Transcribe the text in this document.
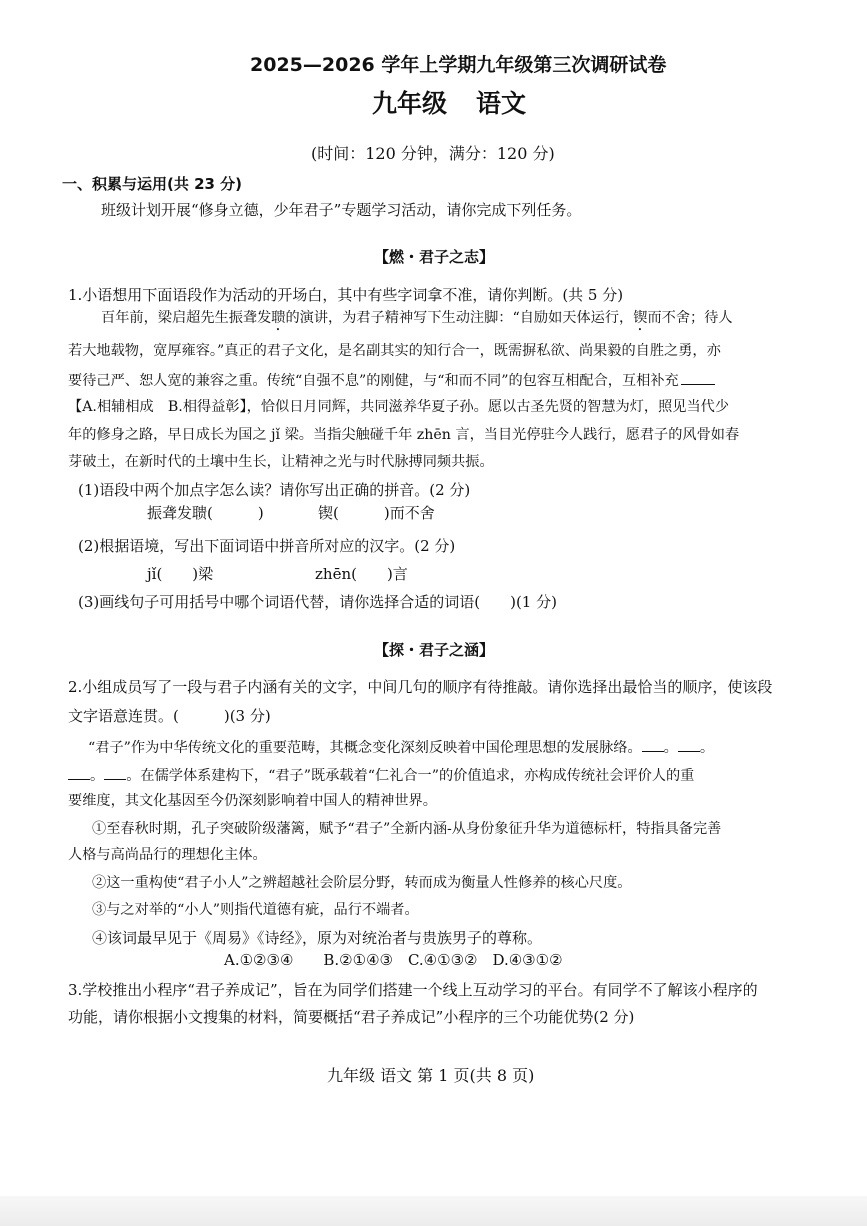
2025—2026 学年上学期九年级第三次调研试卷
九年级 语文
(时间：120 分钟，满分：120 分)
一、积累与运用(共 23 分)
班级计划开展“修身立德，少年君子”专题学习活动，请你完成下列任务。
【燃・君子之志】
1.小语想用下面语段作为活动的开场白，其中有些字词拿不准，请你判断。(共 5 分)
百年前，梁启超先生振聋发聩的演讲，为君子精神写下生动注脚：“自励如天体运行，锲而不舍；待人
若大地载物，宽厚雍容。”真正的君子文化，是名副其实的知行合一，既需摒私欲、尚果毅的自胜之勇，亦
要待己严、恕人宽的兼容之重。传统“自强不息”的刚健，与“和而不同”的包容互相配合，互相补充
【A.相辅相成　B.相得益彰】，恰似日月同辉，共同滋养华夏子孙。愿以古圣先贤的智慧为灯，照见当代少
年的修身之路，早日成长为国之 jǐ 梁。当指尖触碰千年 zhēn 言，当目光停驻今人践行，愿君子的风骨如春
芽破土，在新时代的土壤中生长，让精神之光与时代脉搏同频共振。
(1)语段中两个加点字怎么读？请你写出正确的拼音。(2 分)
振聋发聩(　　　)	锲(　　　)而不舍
(2)根据语境，写出下面词语中拼音所对应的汉字。(2 分)
jǐ(　　)梁	zhēn(　　)言
(3)画线句子可用括号中哪个词语代替，请你选择合适的词语(　　)(1 分)
【探・君子之涵】
2.小组成员写了一段与君子内涵有关的文字，中间几句的顺序有待推敲。请你选择出最恰当的顺序，使该段
文字语意连贯。(　　　)(3 分)
“君子”作为中华传统文化的重要范畴，其概念变化深刻反映着中国伦理思想的发展脉络。 。 。
。 。在儒学体系建构下，“君子”既承载着“仁礼合一”的价值追求，亦构成传统社会评价人的重
要维度，其文化基因至今仍深刻影响着中国人的精神世界。
①至春秋时期，孔子突破阶级藩篱，赋予“君子”全新内涵-从身份象征升华为道德标杆，特指具备完善
人格与高尚品行的理想化主体。
②这一重构使“君子小人”之辨超越社会阶层分野，转而成为衡量人性修养的核心尺度。
③与之对举的“小人”则指代道德有疵，品行不端者。
④该词最早见于《周易》《诗经》，原为对统治者与贵族男子的尊称。
A.①②③④　　B.②①④③　C.④①③②　D.④③①②
3.学校推出小程序“君子养成记”，旨在为同学们搭建一个线上互动学习的平台。有同学不了解该小程序的
功能，请你根据小文搜集的材料，简要概括“君子养成记”小程序的三个功能优势(2 分)
九年级 语文 第 1 页(共 8 页)
